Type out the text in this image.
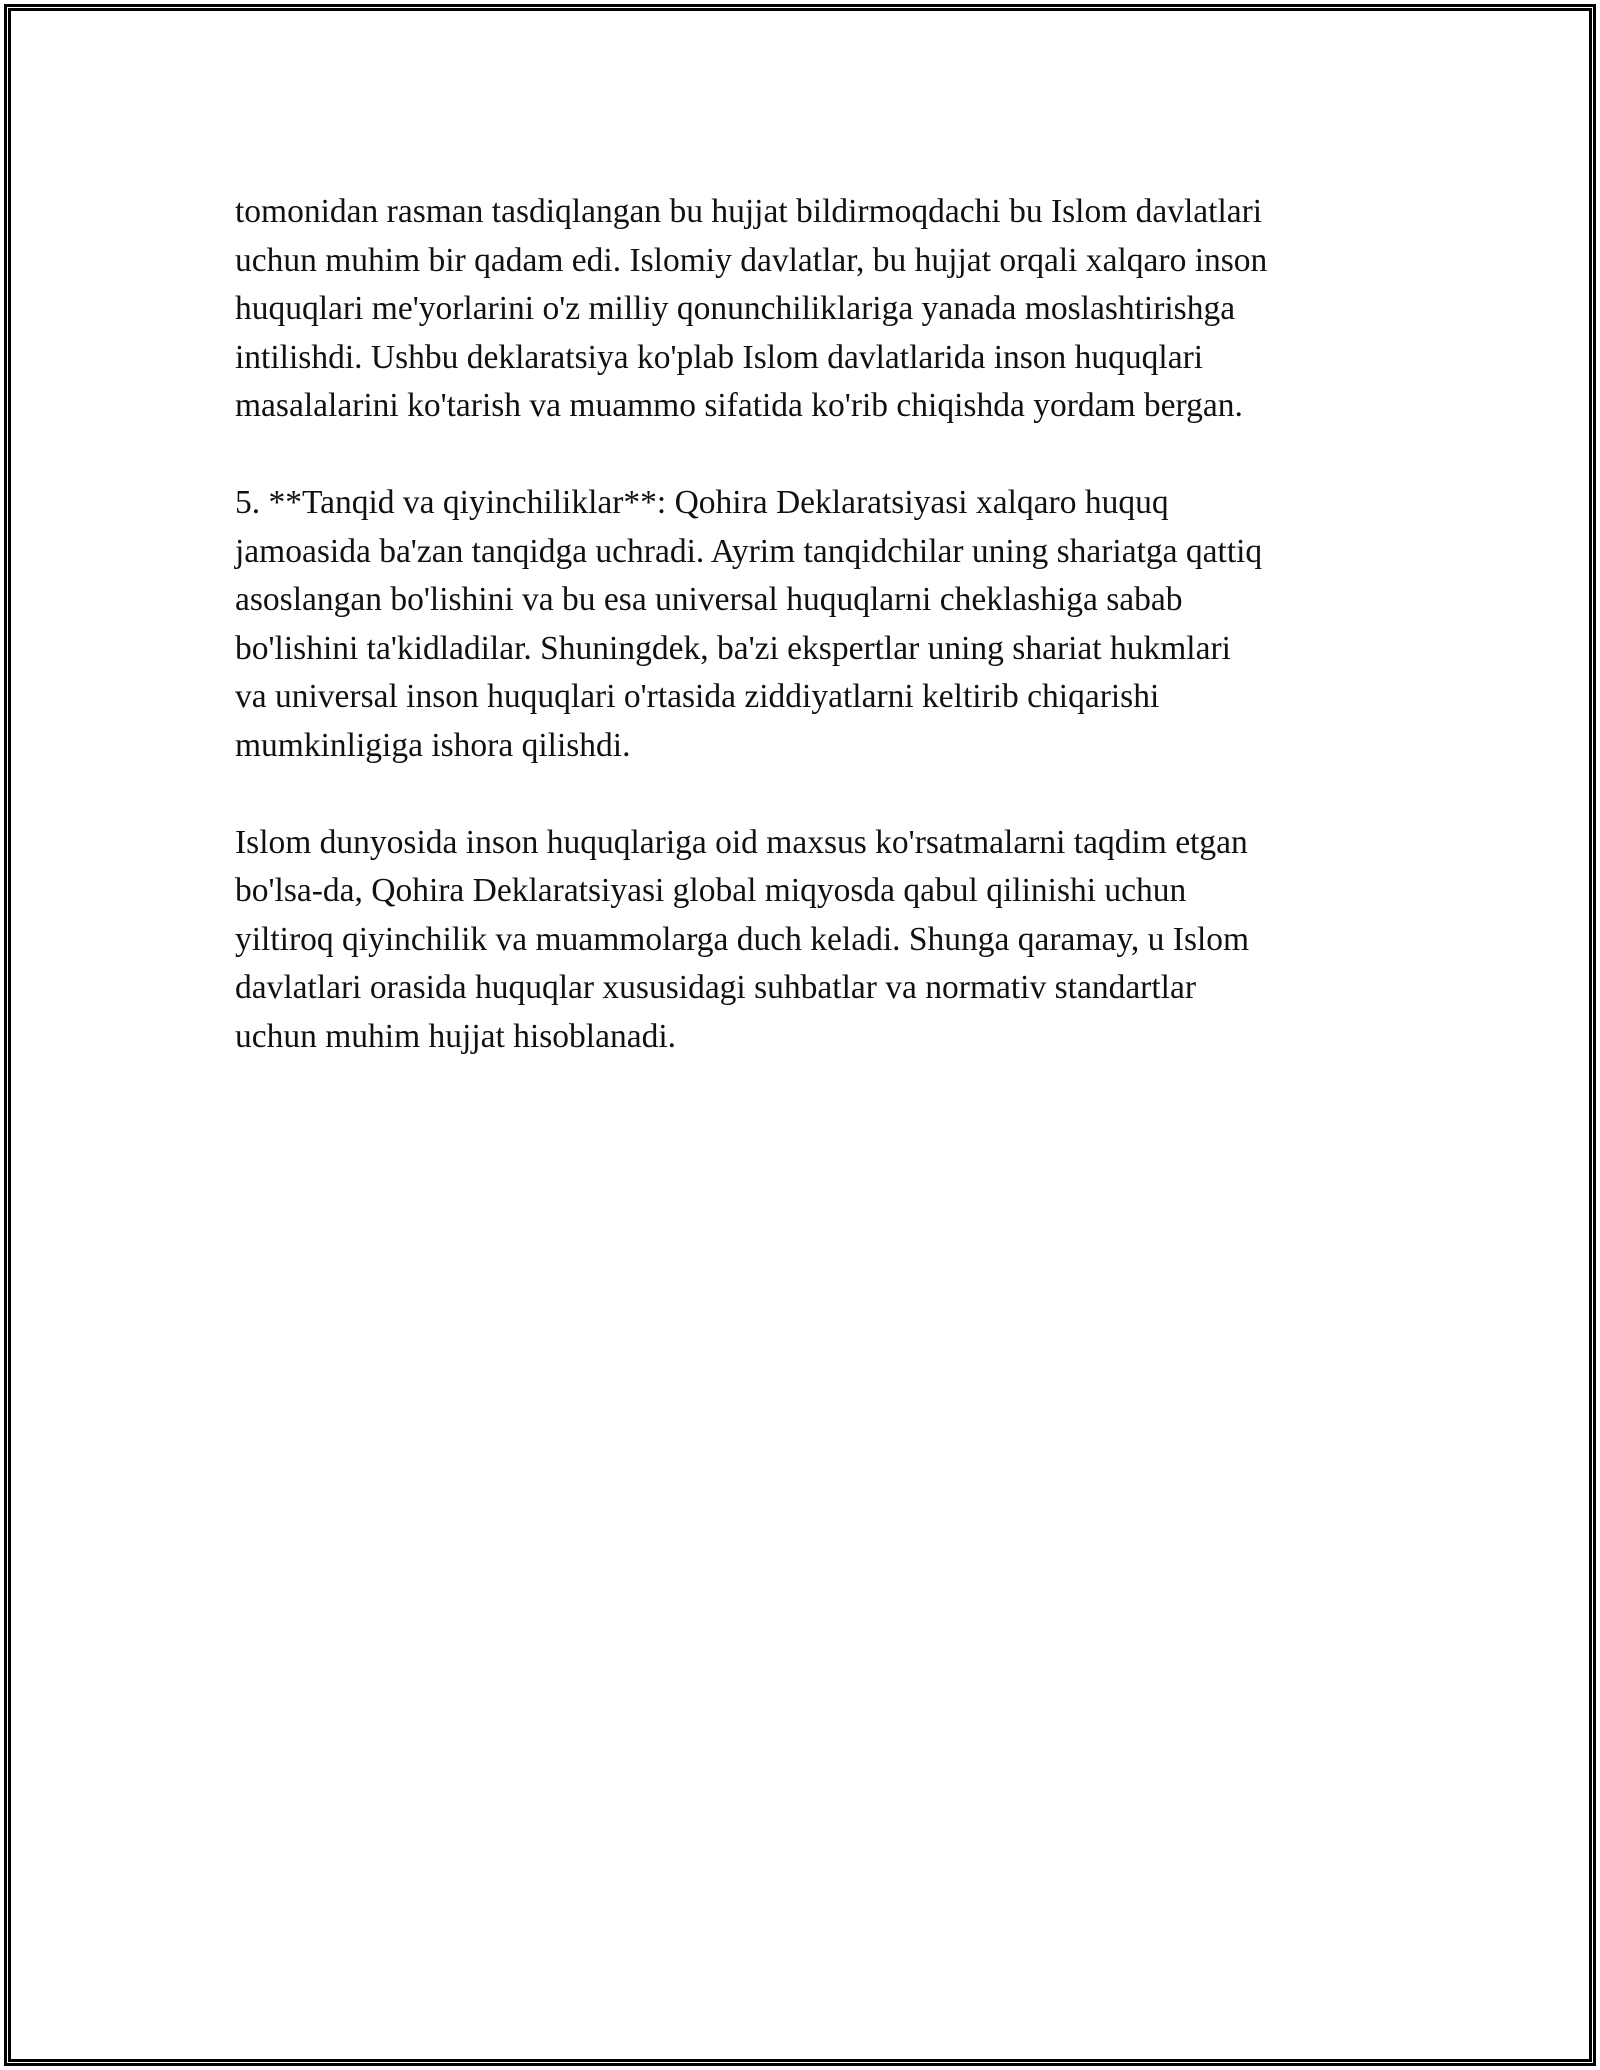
tomonidan rasman tasdiqlangan bu hujjat bildirmoqdachi bu Islom davlatlari
uchun muhim bir qadam edi. Islomiy davlatlar, bu hujjat orqali xalqaro inson
huquqlari me'yorlarini o'z milliy qonunchiliklariga yanada moslashtirishga
intilishdi. Ushbu deklaratsiya ko'plab Islom davlatlarida inson huquqlari
masalalarini ko'tarish va muammo sifatida ko'rib chiqishda yordam bergan.

5. **Tanqid va qiyinchiliklar**: Qohira Deklaratsiyasi xalqaro huquq
jamoasida ba'zan tanqidga uchradi. Ayrim tanqidchilar uning shariatga qattiq
asoslangan bo'lishini va bu esa universal huquqlarni cheklashiga sabab
bo'lishini ta'kidladilar. Shuningdek, ba'zi ekspertlar uning shariat hukmlari
va universal inson huquqlari o'rtasida ziddiyatlarni keltirib chiqarishi
mumkinligiga ishora qilishdi.

Islom dunyosida inson huquqlariga oid maxsus ko'rsatmalarni taqdim etgan
bo'lsa-da, Qohira Deklaratsiyasi global miqyosda qabul qilinishi uchun
yiltiroq qiyinchilik va muammolarga duch keladi. Shunga qaramay, u Islom
davlatlari orasida huquqlar xususidagi suhbatlar va normativ standartlar
uchun muhim hujjat hisoblanadi.
